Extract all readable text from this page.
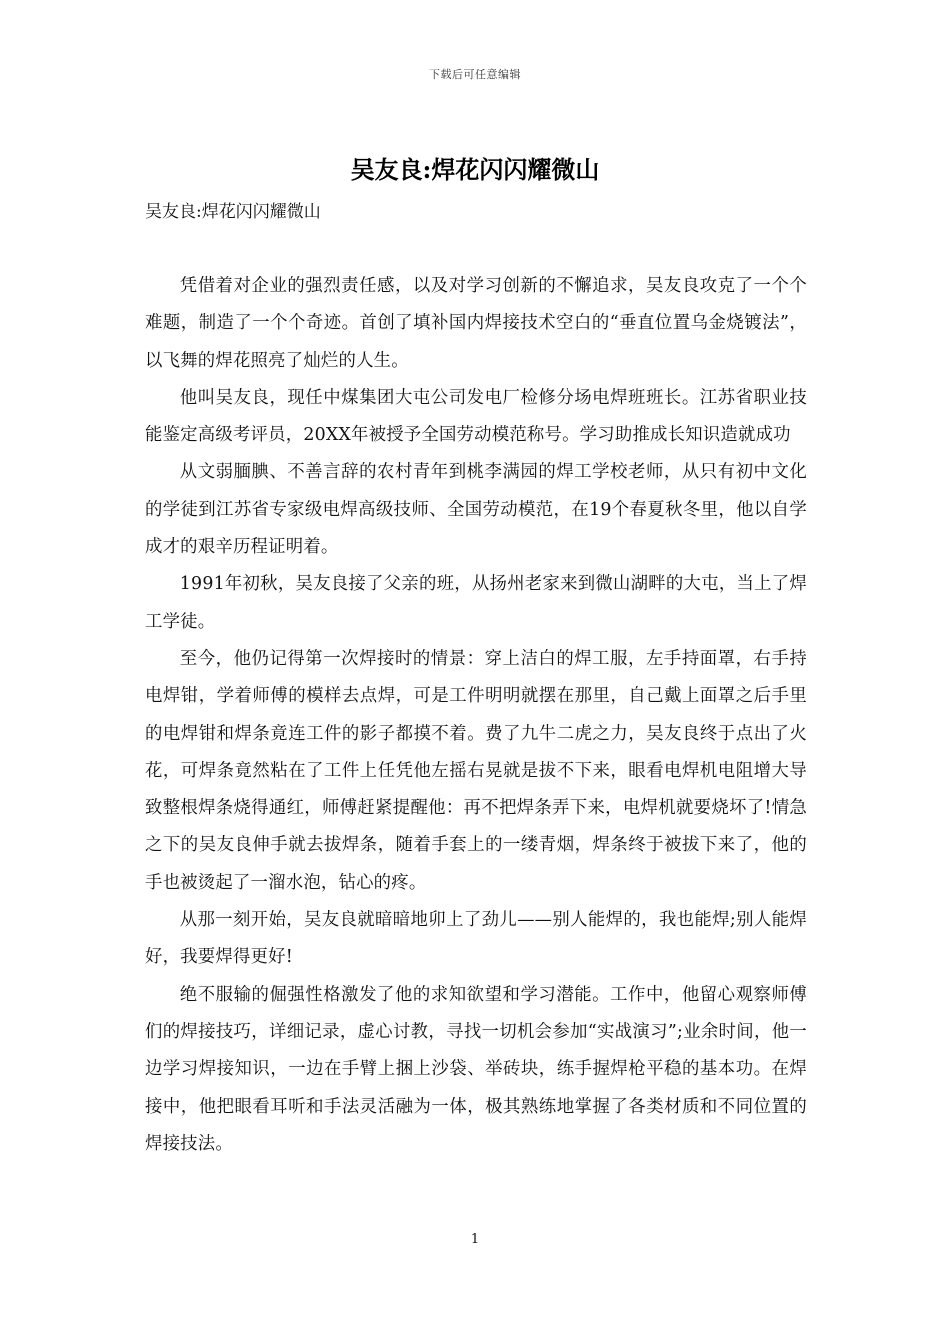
下载后可任意编辑
吴友良:焊花闪闪耀微山

吴友良:焊花闪闪耀微山

凭借着对企业的强烈责任感，以及对学习创新的不懈追求，吴友良攻克了一个个难题，制造了一个个奇迹。首创了填补国内焊接技术空白的“垂直位置乌金烧镀法”，以飞舞的焊花照亮了灿烂的人生。

他叫吴友良，现任中煤集团大屯公司发电厂检修分场电焊班班长。江苏省职业技能鉴定高级考评员，20XX年被授予全国劳动模范称号。学习助推成长知识造就成功

从文弱腼腆、不善言辞的农村青年到桃李满园的焊工学校老师，从只有初中文化的学徒到江苏省专家级电焊高级技师、全国劳动模范，在19个春夏秋冬里，他以自学成才的艰辛历程证明着。

1991年初秋，吴友良接了父亲的班，从扬州老家来到微山湖畔的大屯，当上了焊工学徒。

至今，他仍记得第一次焊接时的情景：穿上洁白的焊工服，左手持面罩，右手持电焊钳，学着师傅的模样去点焊，可是工件明明就摆在那里，自己戴上面罩之后手里的电焊钳和焊条竟连工件的影子都摸不着。费了九牛二虎之力，吴友良终于点出了火花，可焊条竟然粘在了工件上任凭他左摇右晃就是拔不下来，眼看电焊机电阻增大导致整根焊条烧得通红，师傅赶紧提醒他：再不把焊条弄下来，电焊机就要烧坏了!情急之下的吴友良伸手就去拔焊条，随着手套上的一缕青烟，焊条终于被拔下来了，他的手也被烫起了一溜水泡，钻心的疼。

从那一刻开始，吴友良就暗暗地卯上了劲儿——别人能焊的，我也能焊;别人能焊好，我要焊得更好!

绝不服输的倔强性格激发了他的求知欲望和学习潜能。工作中，他留心观察师傅们的焊接技巧，详细记录，虚心讨教，寻找一切机会参加“实战演习”;业余时间，他一边学习焊接知识，一边在手臂上捆上沙袋、举砖块，练手握焊枪平稳的基本功。在焊接中，他把眼看耳听和手法灵活融为一体，极其熟练地掌握了各类材质和不同位置的焊接技法。

1
